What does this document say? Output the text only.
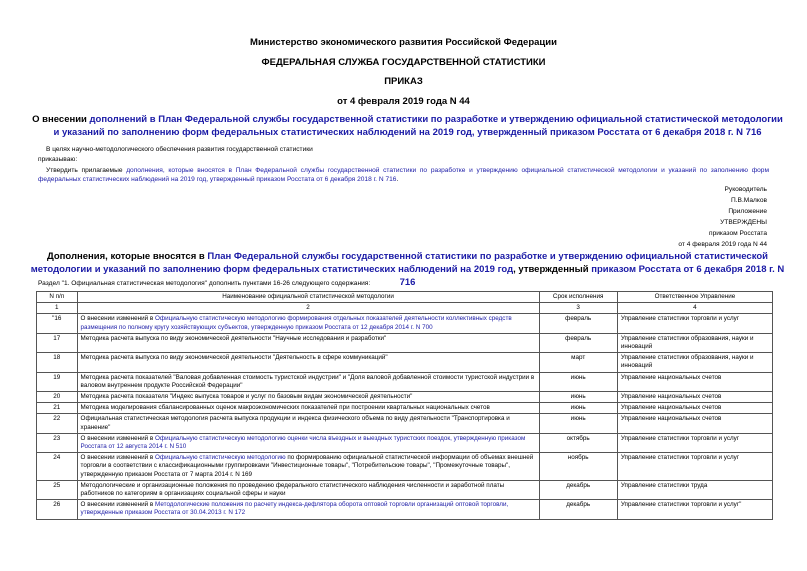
Министерство экономического развития Российской Федерации
ФЕДЕРАЛЬНАЯ СЛУЖБА ГОСУДАРСТВЕННОЙ СТАТИСТИКИ
ПРИКАЗ
от 4 февраля 2019 года N 44
О внесении дополнений в План Федеральной службы государственной статистики по разработке и утверждению официальной статистической методологии и указаний по заполнению форм федеральных статистических наблюдений на 2019 год, утвержденный приказом Росстата от 6 декабря 2018 г. N 716
В целях научно-методологического обеспечения развития государственной статистики
приказываю:
Утвердить прилагаемые дополнения, которые вносятся в План Федеральной службы государственной статистики по разработке и утверждению официальной статистической методологии и указаний по заполнению форм федеральных статистических наблюдений на 2019 год, утвержденный приказом Росстата от 6 декабря 2018 г. N 716.
Руководитель
П.В.Малков
Приложение
УТВЕРЖДЕНЫ
приказом Росстата
от 4 февраля 2019 года N 44
Дополнения, которые вносятся в План Федеральной службы государственной статистики по разработке и утверждению официальной статистической методологии и указаний по заполнению форм федеральных статистических наблюдений на 2019 год, утвержденный приказом Росстата от 6 декабря 2018 г. N 716
Раздел "1. Официальная статистическая методология" дополнить пунктами 16-26 следующего содержания:
N п/п	Наименование официальной статистической методологии	Срок исполнения	Ответственное Управление
1	2	3	4
"16	О внесении изменений в Официальную статистическую методологию формирования отдельных показателей деятельности коллективных средств размещения по полному кругу хозяйствующих субъектов, утвержденную приказом Росстата от 12 декабря 2014 г. N 700	февраль	Управление статистики торговли и услуг
17	Методика расчета выпуска по виду экономической деятельности "Научные исследования и разработки"	февраль	Управление статистики образования, науки и инноваций
18	Методика расчета выпуска по виду экономической деятельности "Деятельность в сфере коммуникаций"	март	Управление статистики образования, науки и инноваций
19	Методика расчета показателей "Валовая добавленная стоимость туристской индустрии" и "Доля валовой добавленной стоимости туристской индустрии в валовом внутреннем продукте Российской Федерации"	июнь	Управление национальных счетов
20	Методика расчета показателя "Индекс выпуска товаров и услуг по базовым видам экономической деятельности"	июнь	Управление национальных счетов
21	Методика моделирования сбалансированных оценок макроэкономических показателей при построении квартальных национальных счетов	июнь	Управление национальных счетов
22	Официальная статистическая методология расчета выпуска продукции и индекса физического объема по виду деятельности "Транспортировка и хранение"	июнь	Управление национальных счетов
23	О внесении изменений в Официальную статистическую методологию оценки числа въездных и выездных туристских поездок, утвержденную приказом Росстата от 12 августа 2014 г. N 510	октябрь	Управление статистики торговли и услуг
24	О внесении изменений в Официальную статистическую методологию по формированию официальной статистической информации об объемах внешней торговли в соответствии с классификационными группировками "Инвестиционные товары", "Потребительские товары", "Промежуточные товары", утвержденную приказом Росстата от 7 марта 2014 г. N 169	ноябрь	Управление статистики торговли и услуг
25	Методологические и организационные положения по проведению федерального статистического наблюдения численности и заработной платы работников по категориям в организациях социальной сферы и науки	декабрь	Управление статистики труда
26	О внесении изменений в Методологические положения по расчету индекса-дефлятора оборота оптовой торговли организаций оптовой торговли, утвержденные приказом Росстата от 30.04.2013 г. N 172	декабрь	Управление статистики торговли и услуг"
